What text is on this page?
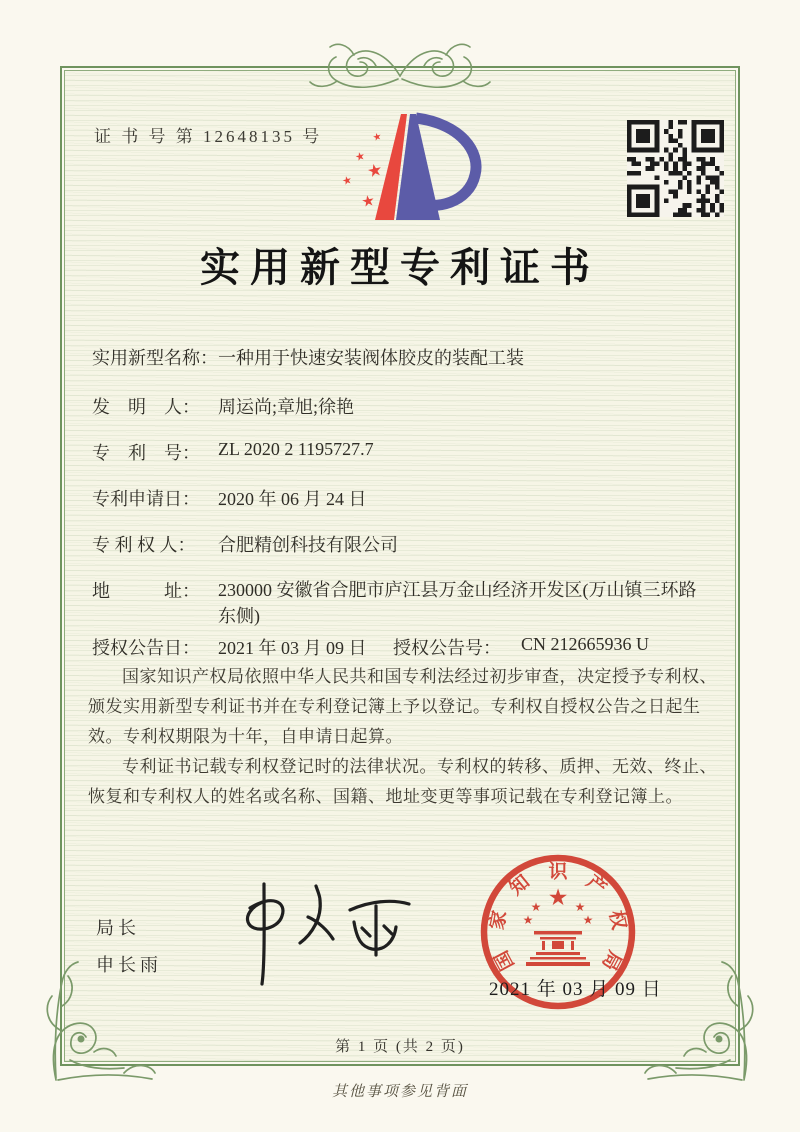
证 书 号 第 12648135 号	★
★
★
★
★
实用新型专利证书
实用新型名称： 一种用于快速安装阀体胶皮的装配工装
发　明　人： 周运尚;章旭;徐艳
专　利　号： ZL 2020 2 1195727.7
专利申请日： 2020 年 06 月 24 日
专 利 权 人： 合肥精创科技有限公司
地　　　址： 230000 安徽省合肥市庐江县万金山经济开发区(万山镇三环路东侧)
授权公告日： 2021 年 03 月 09 日	授权公告号： CN 212665936 U

国家知识产权局依照中华人民共和国专利法经过初步审查，决定授予专利权、颁发实用新型专利证书并在专利登记簿上予以登记。专利权自授权公告之日起生效。专利权期限为十年，自申请日起算。

专利证书记载专利权登记时的法律状况。专利权的转移、质押、无效、终止、恢复和专利权人的姓名或名称、国籍、地址变更等事项记载在专利登记簿上。

局长
申长雨
★
★	★
★	★
国
家
知 识 产
权
局
2021 年 03 月 09 日
第 1 页 (共 2 页)
其他事项参见背面
